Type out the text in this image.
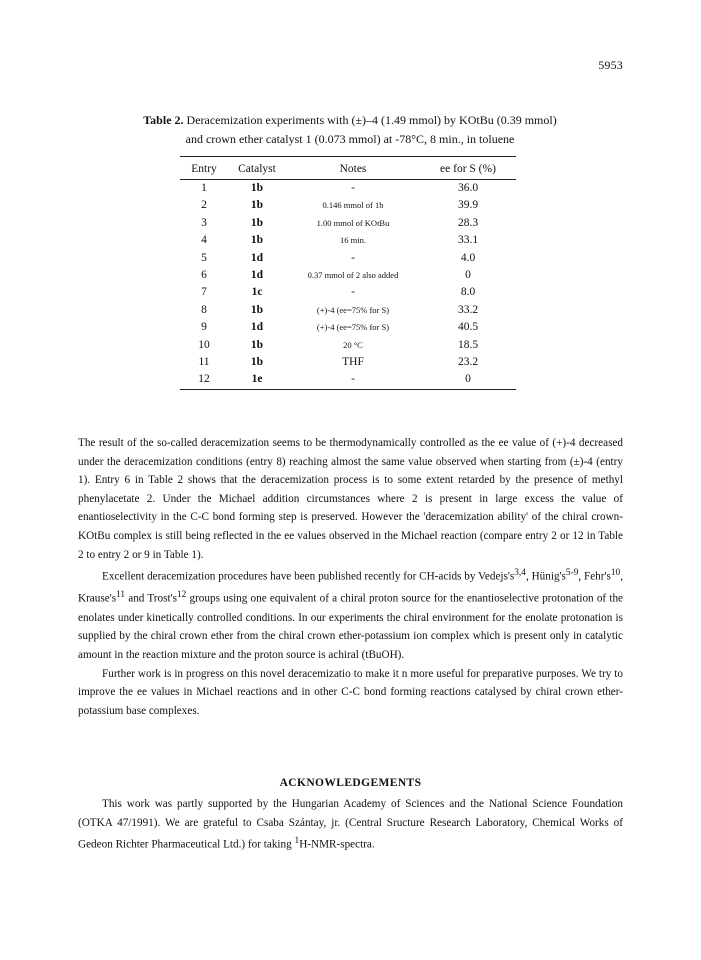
5953
Table 2. Deracemization experiments with (±)–4 (1.49 mmol) by KOtBu (0.39 mmol)
and crown ether catalyst 1 (0.073 mmol) at -78°C, 8 min., in toluene
Entry	Catalyst	Notes	ee for S (%)
1	1b	-	36.0
2	1b	0.146 mmol of 1b	39.9
3	1b	1.00 mmol of KOtBu	28.3
4	1b	16 min.	33.1
5	1d	-	4.0
6	1d	0.37 mmol of 2 also added	0
7	1c	-	8.0
8	1b	(+)-4 (ee=75% for S)	33.2
9	1d	(+)-4 (ee=75% for S)	40.5
10	1b	20 °C	18.5
11	1b	THF	23.2
12	1e	-	0

The result of the so-called deracemization seems to be thermodynamically controlled as the ee value of (+)-4 decreased under the deracemization conditions (entry 8) reaching almost the same value observed when starting from (±)-4 (entry 1). Entry 6 in Table 2 shows that the deracemization process is to some extent retarded by the presence of methyl phenylacetate 2. Under the Michael addition circumstances where 2 is present in large excess the value of enantioselectivity in the C-C bond forming step is preserved. However the 'deracemization ability' of the chiral crown-KOtBu complex is still being reflected in the ee values observed in the Michael reaction (compare entry 2 or 12 in Table 2 to entry 2 or 9 in Table 1).

Excellent deracemization procedures have been published recently for CH-acids by $Vedejs's^{3,4}$, $Hünig's^{5-9}$, $Fehr's^{10}$, $Krause's^{11}$ and $Trost's^{12}$ groups using one equivalent of a chiral proton source for the enantioselective protonation of the enolates under kinetically controlled conditions. In our experiments the chiral environment for the enolate protonation is supplied by the chiral crown ether from the chiral crown ether-potassium ion complex which is present only in catalytic amount in the reaction mixture and the proton source is achiral (tBuOH).

Further work is in progress on this novel deracemizatio to make it n more useful for preparative purposes. We try to improve the ee values in Michael reactions and in other C-C bond forming reactions catalysed by chiral crown ether-potassium base complexes.

ACKNOWLEDGEMENTS

This work was partly supported by the Hungarian Academy of Sciences and the National Science Foundation (OTKA 47/1991). We are grateful to Csaba Szántay, jr. (Central Sructure Research Laboratory, Chemical Works of Gedeon Richter Pharmaceutical Ltd.) for taking $^1$H-NMR-spectra.
